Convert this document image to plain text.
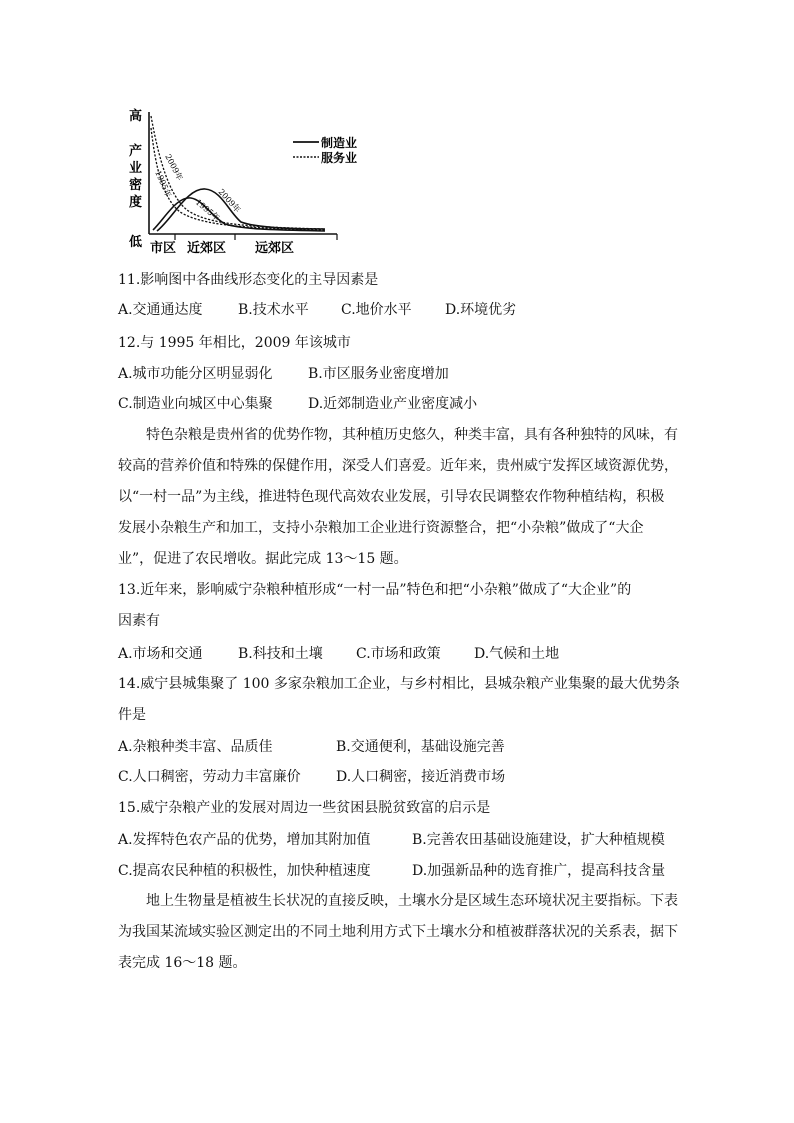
高
产
业
密
度
低 市区 近郊区 远郊区
制造业
服务业
2009年
1995年
2009年
1995年
11.影响图中各曲线形态变化的主导因素是
A.交通通达度	B.技术水平 C.地价水平 D.环境优劣
12.与 1995 年相比，2009 年该城市
A.城市功能分区明显弱化	B.市区服务业密度增加
C.制造业向城区中心集聚	D.近郊制造业产业密度减小
特色杂粮是贵州省的优势作物，其种植历史悠久，种类丰富，具有各种独特的风味，有
较高的营养价值和特殊的保健作用，深受人们喜爱。近年来，贵州威宁发挥区域资源优势，
以“一村一品”为主线，推进特色现代高效农业发展，引导农民调整农作物种植结构，积极
发展小杂粮生产和加工，支持小杂粮加工企业进行资源整合，把“小杂粮”做成了“大企
业”，促进了农民增收。据此完成 13～15 题。
13.近年来，影响威宁杂粮种植形成“一村一品”特色和把“小杂粮”做成了“大企业”的
因素有
A.市场和交通	B.科技和土壤 C.市场和政策 D.气候和土地
14.威宁县城集聚了 100 多家杂粮加工企业，与乡村相比，县城杂粮产业集聚的最大优势条
件是
A.杂粮种类丰富、品质佳	B.交通便利，基础设施完善
C.人口稠密，劳动力丰富廉价	D.人口稠密，接近消费市场
15.威宁杂粮产业的发展对周边一些贫困县脱贫致富的启示是
A.发挥特色农产品的优势，增加其附加值	B.完善农田基础设施建设，扩大种植规模
C.提高农民种植的积极性，加快种植速度	D.加强新品种的选育推广，提高科技含量
地上生物量是植被生长状况的直接反映，土壤水分是区域生态环境状况主要指标。下表
为我国某流域实验区测定出的不同土地利用方式下土壤水分和植被群落状况的关系表，据下
表完成 16～18 题。
